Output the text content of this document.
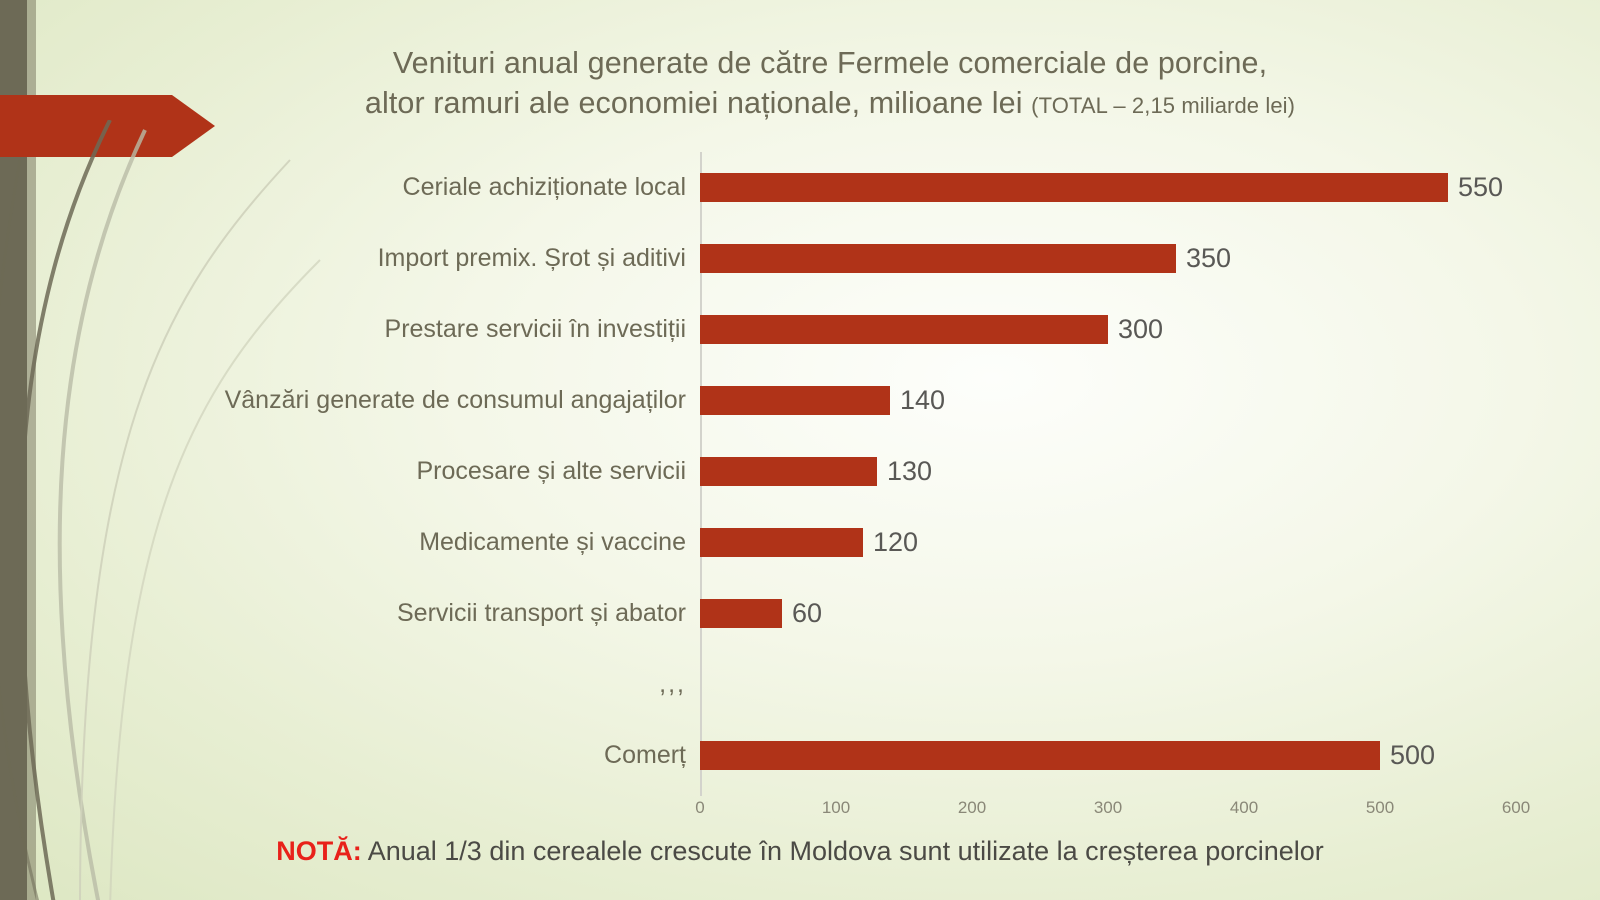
Venituri anual generate de către Fermele comerciale de porcine,
altor ramuri ale economiei naționale, milioane lei (TOTAL – 2,15 miliarde lei)
Ceriale achiziționate local	550
Import premix. Șrot și aditivi	350
Prestare servicii în investiții	300
Vânzări generate de consumul angajaților	140
Procesare și alte servicii	130
Medicamente și vaccine	120
Servicii transport și abator	60
,,,
Comerț	500
0	100	200	300	400	500	600
NOTĂ: Anual 1/3 din cerealele crescute în Moldova sunt utilizate la creșterea porcinelor
